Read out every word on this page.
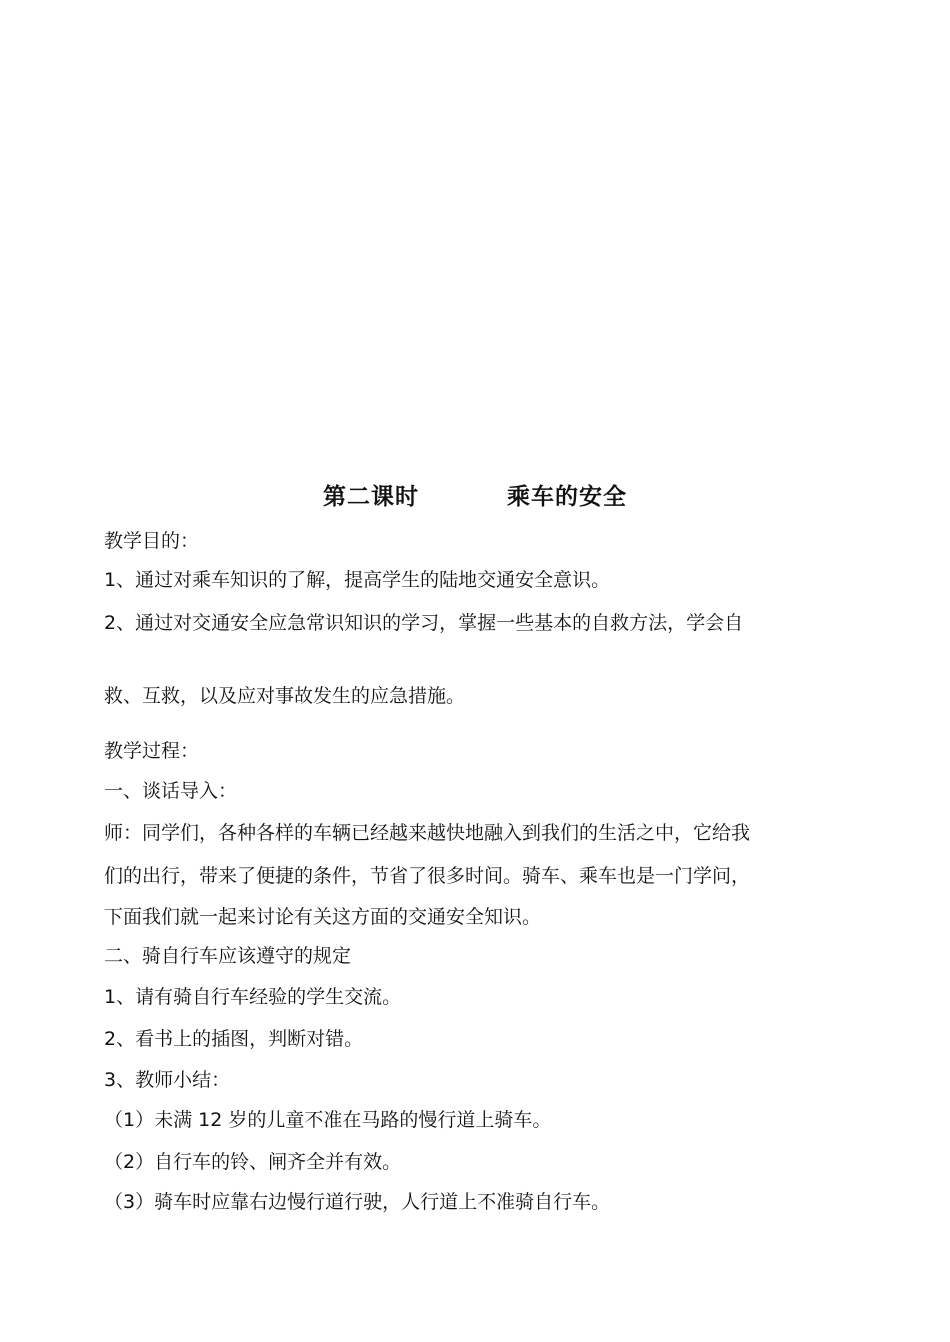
第二课时	乘车的安全
教学目的：
1、通过对乘车知识的了解，提高学生的陆地交通安全意识。
2、通过对交通安全应急常识知识的学习，掌握一些基本的自救方法，学会自
救、互救，以及应对事故发生的应急措施。
教学过程：
一、谈话导入：
师：同学们，各种各样的车辆已经越来越快地融入到我们的生活之中，它给我
们的出行，带来了便捷的条件，节省了很多时间。骑车、乘车也是一门学问，
下面我们就一起来讨论有关这方面的交通安全知识。
二、骑自行车应该遵守的规定
1、请有骑自行车经验的学生交流。
2、看书上的插图，判断对错。
3、教师小结：
（1）未满 12 岁的儿童不准在马路的慢行道上骑车。
（2）自行车的铃、闸齐全并有效。
（3）骑车时应靠右边慢行道行驶，人行道上不准骑自行车。
